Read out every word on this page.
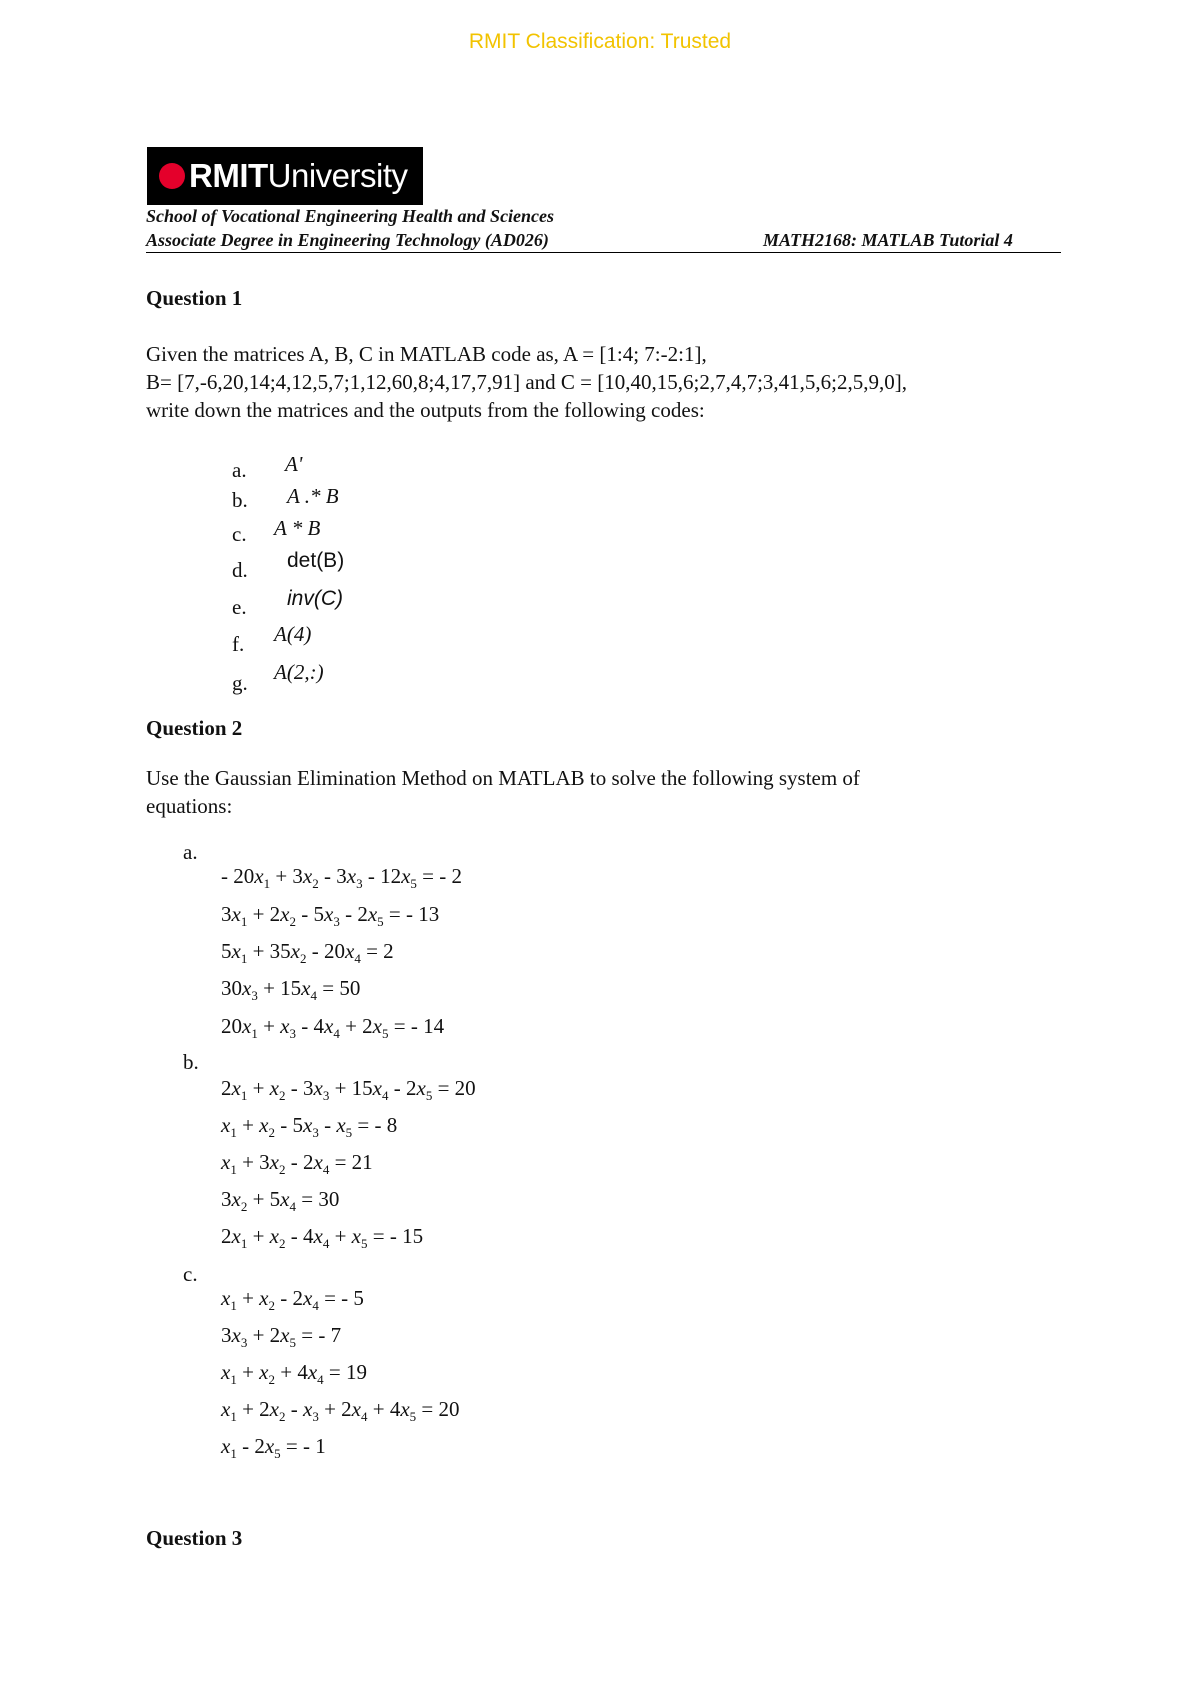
RMIT Classification: Trusted
RMIT University
School of Vocational Engineering Health and Sciences
Associate Degree in Engineering Technology (AD026)	MATH2168: MATLAB Tutorial 4
Question 1
Given the matrices A, B, C in MATLAB code as, A = [1:4; 7:-2:1],
B= [7,-6,20,14;4,12,5,7;1,12,60,8;4,17,7,91] and C = [10,40,15,6;2,7,4,7;3,41,5,6;2,5,9,0],
write down the matrices and the outputs from the following codes:
a. A'
b. A .* B
c. A * B
d. det(B)
e. inv(C)
f. A(4)
g. A(2,:)
Question 2
Use the Gaussian Elimination Method on MATLAB to solve the following system of
equations:
a.
- $20x_1 + 3x_2 - 3x_3 - 12x_5$ = - 2
$3x_1 + 2x_2 - 5x_3 - 2x_5$ = - 13
$5x_1 + 35x_2 - 20x_4 = 2$
$30x_3 + 15x_4 = 50$
$20x_1 + x_3 - 4x_4 + 2x_5$ = - 14
b.
$2x_1 + x_2 - 3x_3 + 15x_4 - 2x_5 = 20$
$x_1 + x_2 - 5x_3 - x_5$ = - 8
$x_1 + 3x_2 - 2x_4 = 21$
$3x_2 + 5x_4 = 30$
$2x_1 + x_2 - 4x_4 + x_5$ = - 15
c.
$x_1 + x_2 - 2x_4$ = - 5
$3x_3 + 2x_5$ = - 7
$x_1 + x_2 + 4x_4 = 19$
$x_1 + 2x_2 - x_3 + 2x_4 + 4x_5 = 20$
$x_1 - 2x_5$ = - 1
Question 3
